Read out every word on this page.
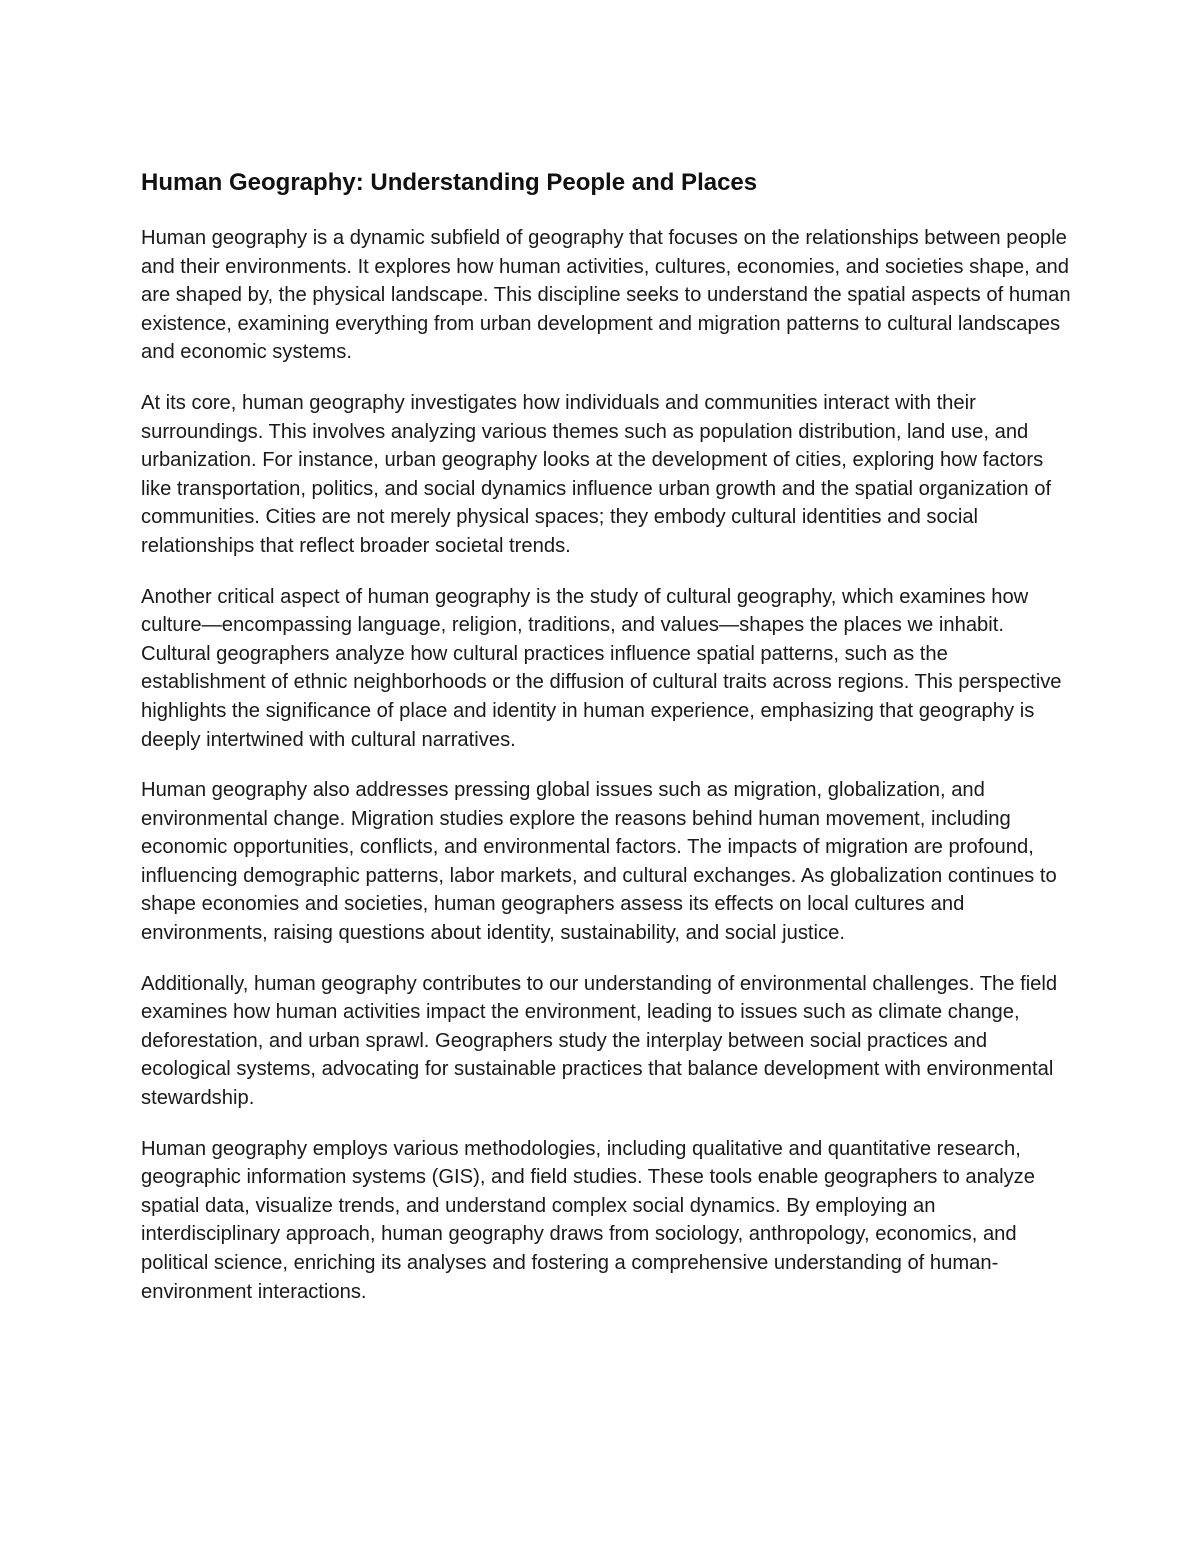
Human Geography: Understanding People and Places

Human geography is a dynamic subfield of geography that focuses on the relationships between people and their environments. It explores how human activities, cultures, economies, and societies shape, and are shaped by, the physical landscape. This discipline seeks to understand the spatial aspects of human existence, examining everything from urban development and migration patterns to cultural landscapes and economic systems.

At its core, human geography investigates how individuals and communities interact with their surroundings. This involves analyzing various themes such as population distribution, land use, and urbanization. For instance, urban geography looks at the development of cities, exploring how factors like transportation, politics, and social dynamics influence urban growth and the spatial organization of communities. Cities are not merely physical spaces; they embody cultural identities and social relationships that reflect broader societal trends.

Another critical aspect of human geography is the study of cultural geography, which examines how culture—encompassing language, religion, traditions, and values—shapes the places we inhabit. Cultural geographers analyze how cultural practices influence spatial patterns, such as the establishment of ethnic neighborhoods or the diffusion of cultural traits across regions. This perspective highlights the significance of place and identity in human experience, emphasizing that geography is deeply intertwined with cultural narratives.

Human geography also addresses pressing global issues such as migration, globalization, and environmental change. Migration studies explore the reasons behind human movement, including economic opportunities, conflicts, and environmental factors. The impacts of migration are profound, influencing demographic patterns, labor markets, and cultural exchanges. As globalization continues to shape economies and societies, human geographers assess its effects on local cultures and environments, raising questions about identity, sustainability, and social justice.

Additionally, human geography contributes to our understanding of environmental challenges. The field examines how human activities impact the environment, leading to issues such as climate change, deforestation, and urban sprawl. Geographers study the interplay between social practices and ecological systems, advocating for sustainable practices that balance development with environmental stewardship.

Human geography employs various methodologies, including qualitative and quantitative research, geographic information systems (GIS), and field studies. These tools enable geographers to analyze spatial data, visualize trends, and understand complex social dynamics. By employing an interdisciplinary approach, human geography draws from sociology, anthropology, economics, and political science, enriching its analyses and fostering a comprehensive understanding of human-environment interactions.
